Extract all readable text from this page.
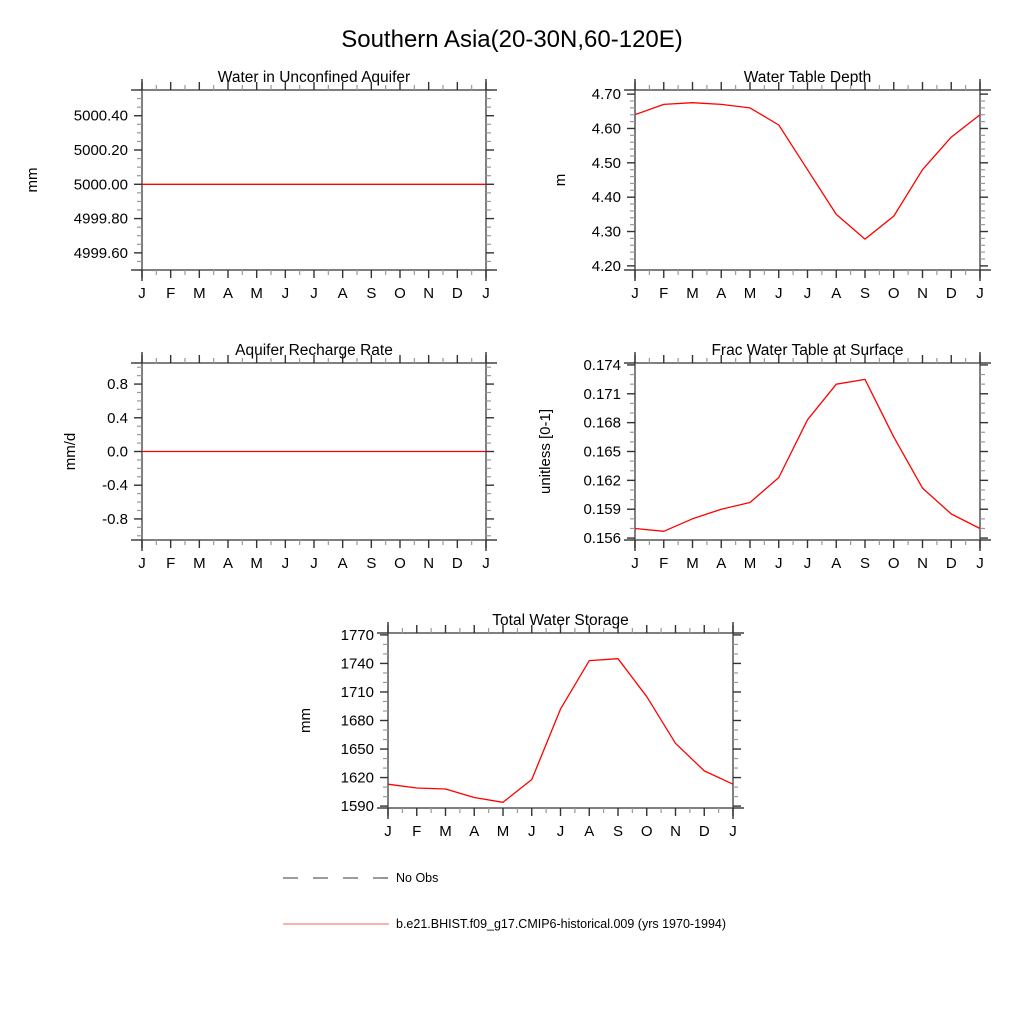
Southern Asia(20-30N,60-120E)
J F M A M J J A S O N D J
4999.60
4999.80
5000.00
5000.20
5000.40
Water in Unconfined Aquifer
mm
J F M A M J J A S O N D J
4.20
4.30
4.40
4.50
4.60
4.70
Water Table Depth
m
J F M A M J J A S O N D J
-0.8
-0.4
0.0
0.4
0.8
Aquifer Recharge Rate
mm/d
J F M A M J J A S O N D J
0.156
0.159
0.162
0.165
0.168
0.171
0.174
Frac Water Table at Surface
unitless [0-1]
J F M A M J J A S O N D J
1590
1620
1650
1680
1710
1740
1770
Total Water Storage
mm
No Obs
b.e21.BHIST.f09_g17.CMIP6-historical.009 (yrs 1970-1994)
